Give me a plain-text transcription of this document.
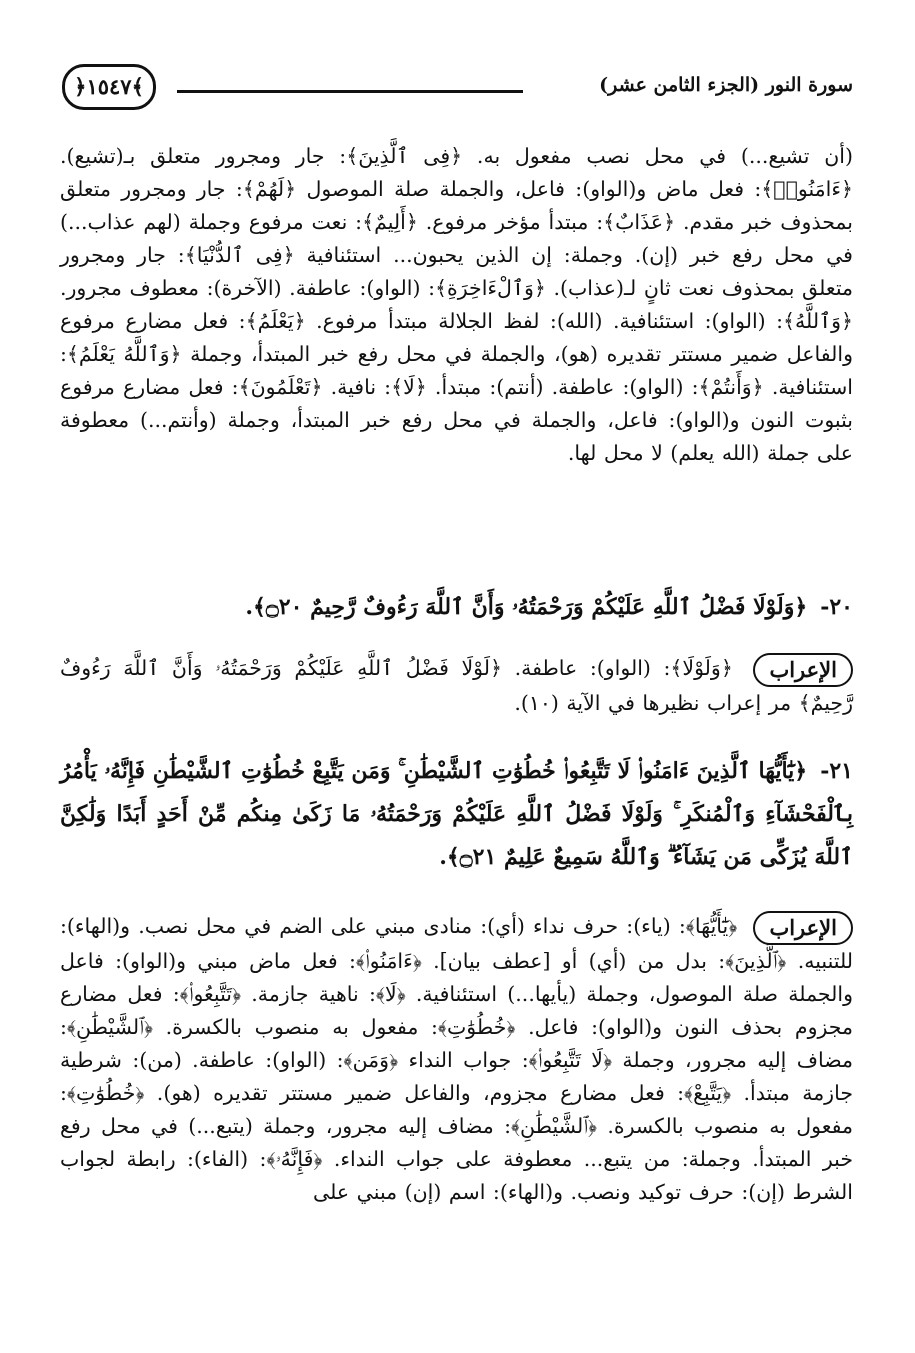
سورة النور (الجزء الثامن عشر)
﴾١٥٤٧﴿
(أن تشيع...) في محل نصب مفعول به. ﴿فِى ٱلَّذِينَ﴾: جار ومجرور متعلق بـ(تشيع). ﴿ءَامَنُوا۟﴾: فعل ماض و(الواو): فاعل، والجملة صلة الموصول ﴿لَهُمْ﴾: جار ومجرور متعلق بمحذوف خبر مقدم. ﴿عَذَابٌ﴾: مبتدأ مؤخر مرفوع. ﴿أَلِيمٌ﴾: نعت مرفوع وجملة (لهم عذاب...) في محل رفع خبر (إن). وجملة: إن الذين يحبون... استئنافية ﴿فِى ٱلدُّنْيَا﴾: جار ومجرور متعلق بمحذوف نعت ثانٍ لـ(عذاب). ﴿وَٱلْءَاخِرَةِ﴾: (الواو): عاطفة. (الآخرة): معطوف مجرور. ﴿وَٱللَّهُ﴾: (الواو): استئنافية. (الله): لفظ الجلالة مبتدأ مرفوع. ﴿يَعْلَمُ﴾: فعل مضارع مرفوع والفاعل ضمير مستتر تقديره (هو)، والجملة في محل رفع خبر المبتدأ، وجملة ﴿وَٱللَّهُ يَعْلَمُ﴾: استئنافية. ﴿وَأَنتُمْ﴾: (الواو): عاطفة. (أنتم): مبتدأ. ﴿لَا﴾: نافية. ﴿تَعْلَمُونَ﴾: فعل مضارع مرفوع بثبوت النون و(الواو): فاعل، والجملة في محل رفع خبر المبتدأ، وجملة (وأنتم...) معطوفة على جملة (الله يعلم) لا محل لها.
٢٠- ﴿وَلَوْلَا فَضْلُ ٱللَّهِ عَلَيْكُمْ وَرَحْمَتُهُۥ وَأَنَّ ٱللَّهَ رَءُوفٌ رَّحِيمٌ ۝٢٠﴾.
الإعراب ﴿وَلَوْلَا﴾: (الواو): عاطفة. ﴿لَوْلَا فَضْلُ ٱللَّهِ عَلَيْكُمْ وَرَحْمَتُهُۥ وَأَنَّ ٱللَّهَ رَءُوفٌ رَّحِيمٌ﴾ مر إعراب نظيرها في الآية (١٠).
٢١- ﴿يَٰٓأَيُّهَا ٱلَّذِينَ ءَامَنُوا۟ لَا تَتَّبِعُوا۟ خُطُوَٰتِ ٱلشَّيْطَٰنِ ۚ وَمَن يَتَّبِعْ خُطُوَٰتِ ٱلشَّيْطَٰنِ فَإِنَّهُۥ يَأْمُرُ بِٱلْفَحْشَآءِ وَٱلْمُنكَرِ ۚ وَلَوْلَا فَضْلُ ٱللَّهِ عَلَيْكُمْ وَرَحْمَتُهُۥ مَا زَكَىٰ مِنكُم مِّنْ أَحَدٍ أَبَدًا وَلَٰكِنَّ ٱللَّهَ يُزَكِّى مَن يَشَآءُ ۗ وَٱللَّهُ سَمِيعٌ عَلِيمٌ ۝٢١﴾.
الإعراب ﴿يَٰٓأَيُّهَا﴾: (ياء): حرف نداء (أي): منادى مبني على الضم في محل نصب. و(الهاء): للتنبيه. ﴿ٱلَّذِينَ﴾: بدل من (أي) أو [عطف بيان]. ﴿ءَامَنُوا۟﴾: فعل ماض مبني و(الواو): فاعل والجملة صلة الموصول، وجملة (يأيها...) استئنافية. ﴿لَا﴾: ناهية جازمة. ﴿تَتَّبِعُوا۟﴾: فعل مضارع مجزوم بحذف النون و(الواو): فاعل. ﴿خُطُوَٰتِ﴾: مفعول به منصوب بالكسرة. ﴿ٱلشَّيْطَٰنِ﴾: مضاف إليه مجرور، وجملة ﴿لَا تَتَّبِعُوا۟﴾: جواب النداء ﴿وَمَن﴾: (الواو): عاطفة. (من): شرطية جازمة مبتدأ. ﴿يَتَّبِعْ﴾: فعل مضارع مجزوم، والفاعل ضمير مستتر تقديره (هو). ﴿خُطُوَٰتِ﴾: مفعول به منصوب بالكسرة. ﴿ٱلشَّيْطَٰنِ﴾: مضاف إليه مجرور، وجملة (يتبع...) في محل رفع خبر المبتدأ. وجملة: من يتبع... معطوفة على جواب النداء. ﴿فَإِنَّهُۥ﴾: (الفاء): رابطة لجواب الشرط (إن): حرف توكيد ونصب. و(الهاء): اسم (إن) مبني على
